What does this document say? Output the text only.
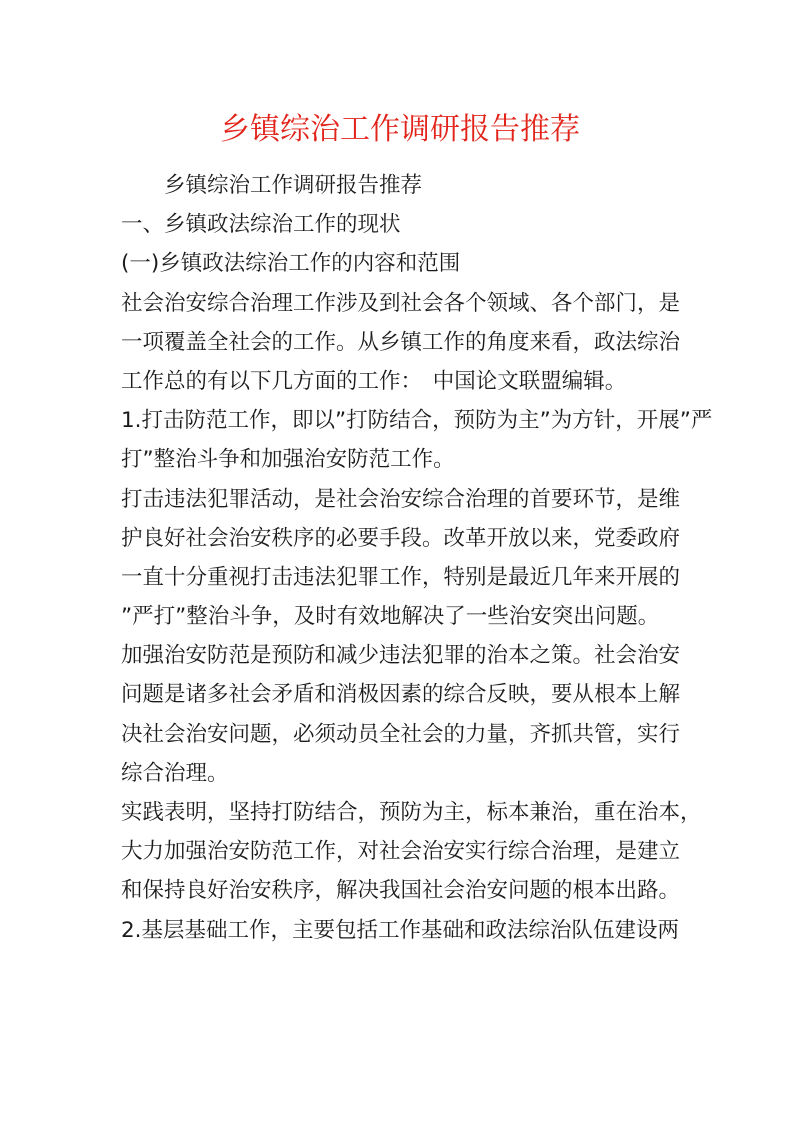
乡镇综治工作调研报告推荐
乡镇综治工作调研报告推荐
一、乡镇政法综治工作的现状
(一)乡镇政法综治工作的内容和范围
社会治安综合治理工作涉及到社会各个领域、各个部门，是
一项覆盖全社会的工作。从乡镇工作的角度来看，政法综治
工作总的有以下几方面的工作：　中国论文联盟编辑。
1.打击防范工作，即以”打防结合，预防为主”为方针，开展”严
打”整治斗争和加强治安防范工作。
打击违法犯罪活动，是社会治安综合治理的首要环节，是维
护良好社会治安秩序的必要手段。改革开放以来，党委政府
一直十分重视打击违法犯罪工作，特别是最近几年来开展的
”严打”整治斗争，及时有效地解决了一些治安突出问题。
加强治安防范是预防和减少违法犯罪的治本之策。社会治安
问题是诸多社会矛盾和消极因素的综合反映，要从根本上解
决社会治安问题，必须动员全社会的力量，齐抓共管，实行
综合治理。
实践表明，坚持打防结合，预防为主，标本兼治，重在治本，
大力加强治安防范工作，对社会治安实行综合治理，是建立
和保持良好治安秩序，解决我国社会治安问题的根本出路。
2.基层基础工作，主要包括工作基础和政法综治队伍建设两
